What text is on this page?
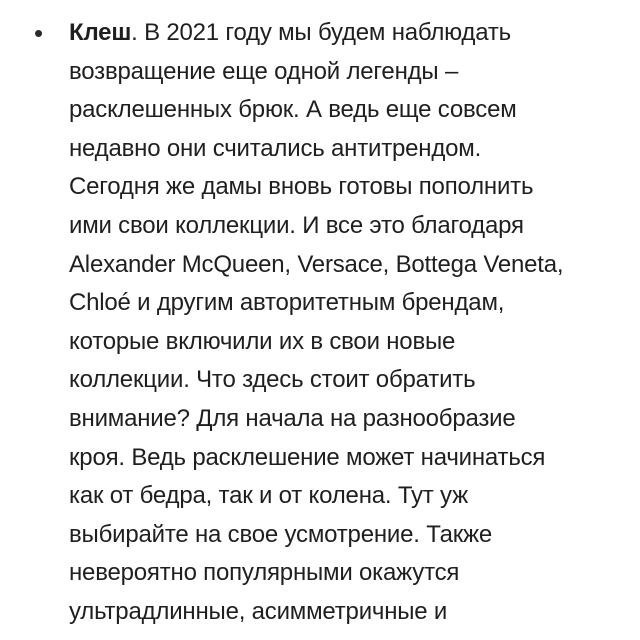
• Клеш. В 2021 году мы будем наблюдать
возвращение еще одной легенды –
расклешенных брюк. А ведь еще совсем
недавно они считались антитрендом.
Сегодня же дамы вновь готовы пополнить
ими свои коллекции. И все это благодаря
Alexander McQueen, Versace, Bottega Veneta,
Chloé и другим авторитетным брендам,
которые включили их в свои новые
коллекции. Что здесь стоит обратить
внимание? Для начала на разнообразие
кроя. Ведь расклешение может начинаться
как от бедра, так и от колена. Тут уж
выбирайте на свое усмотрение. Также
невероятно популярными окажутся
ультрадлинные, асимметричные и
